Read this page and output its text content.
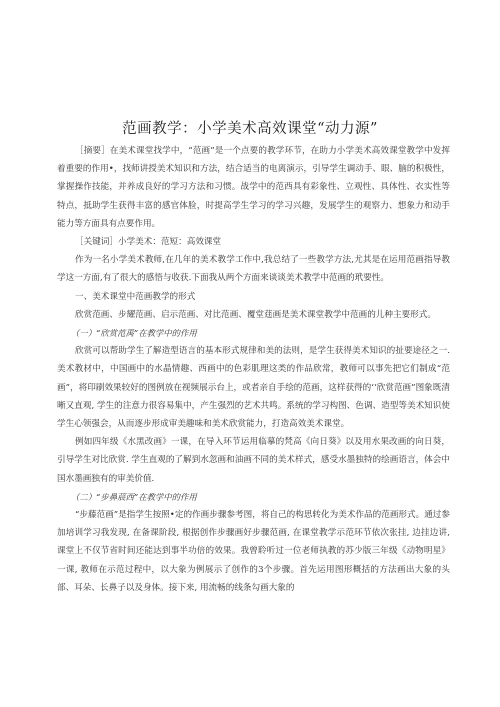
范画教学：小学美术高效课堂“动力源”

［摘要］在美术课堂找学中，“范画”是一个点要的教学环节，在助力小学美术高效课堂教学中发挥着重要的作用•，找师讲授美术知识和方法，结合适当的电离演示，引导学生调动手、眼、脑的积极性，掌握操作技能，并养成良好的学习方法和习惯。战学中的范西具有彩象性、立观性、具体性、衣实性等特点，抵助学生获得丰富的感官体脸，时提高学生学习的学习兴趣，发展学生的观察力、想象力和动手能力等方面具有点要作用。

［关键词］小学美术：范短：高效课堂

作为一名小学美术教师,在几年的美术教学工作中,我总结了一些教学方法,尤其是在运用范画指导教学这一方面,有了很大的感悟与收获.下面我从两个方面来谈谈美术教学中范画的玳要性。

一、美术课堂中范画教学的形式

欣赏范画、步耀范画、启示范画、对比范画、覆堂莛画是美术课堂教学中范画的儿种主要形式。

（一）“欣赏范禹”在教学中的作用

欣赏可以帮助学生了解造型语言的基本形式规律和美的法则，是学生获得美术知识的扯要途径之一. 美术教材中，中国画中的水晶情趣、西画中的色彩肌理这类的作品欣常，教师可以事先把它们制成“范画”，将印刷效果较好的图例放在视频展示台上，或者亲自手绘的范画，这样获得的‘‘欣赏范画”图象既清晰又直观, 学生的注意力很容易集中，产生强烈的艺术共鸣。系统的学习构图、色调、造型等美术知识使学生心领强会，从而逐步形成审美趣味和美术欣赏能力，打造高效美术课堂。

例如四年级《水黑改画》一课，在导入环节运用临摹的梵高《向日葵》以及用水果改画的向日葵，引导学生对比欣赏. 学生直观的了解到水忽画和油画不同的美术样式，感受水墨独特的绘画语言，体会中国水墨画独有的审美价值.

（二）“步鼻莀西”在教学中的作用

“步藤范画”是指学生按照•定的作画步骤参考图，将自己的构思转化为美术作品的范画形式。通过参加培训学习我发现, 在备课阶段, 根据创作步骤画好步骤范画, 在课堂教学示范环节依次张挂, 边挂边讲, 课堂上不仅节省时间还能达到事半功倍的效果。我曾聆听过一位老师执教的苏少版三年级《动物明星》一课, 教师在示范过程中，以大象为例展示了创作的3个步骤。首先运用图形概括的方法画出大象的头部、耳朵、长鼻子以及身体。接下来, 用流畅的线条勾画大象的
